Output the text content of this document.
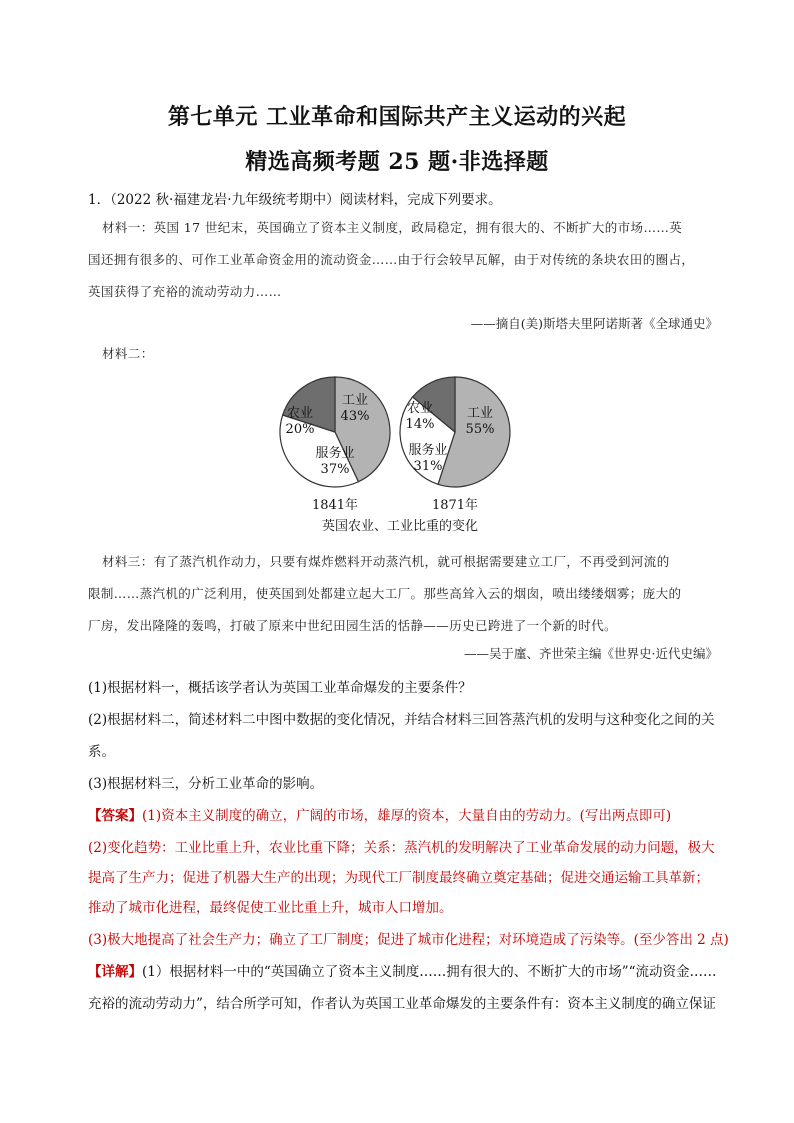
第七单元 工业革命和国际共产主义运动的兴起
精选高频考题 25 题·非选择题
1．（2022 秋·福建龙岩·九年级统考期中）阅读材料，完成下列要求。
材料一：英国 17 世纪末，英国确立了资本主义制度，政局稳定，拥有很大的、不断扩大的市场……英
国还拥有很多的、可作工业革命资金用的流动资金……由于行会较早瓦解，由于对传统的条块农田的圈占，
英国获得了充裕的流动劳动力……
——摘自(美)斯塔夫里阿诺斯著《全球通史》
材料二：
工业
43%
服务业
37%
农业
20%
1841年
工业
55%
服务业
31%
农业
14%
1871年
英国农业、工业比重的变化
材料三：有了蒸汽机作动力，只要有煤炸燃料开动蒸汽机，就可根据需要建立工厂，不再受到河流的
限制……蒸汽机的广泛利用，使英国到处都建立起大工厂。那些高耸入云的烟囱，喷出缕缕烟雾；庞大的
厂房，发出隆隆的轰鸣，打破了原来中世纪田园生活的恬静——历史已跨进了一个新的时代。
——吴于廑、齐世荣主编《世界史·近代史编》
(1)根据材料一，概括该学者认为英国工业革命爆发的主要条件？
(2)根据材料二，简述材料二中图中数据的变化情况，并结合材料三回答蒸汽机的发明与这种变化之间的关
系。
(3)根据材料三，分析工业革命的影响。
【答案】(1)资本主义制度的确立，广阔的市场，雄厚的资本，大量自由的劳动力。(写出两点即可)
(2)变化趋势：工业比重上升，农业比重下降；关系：蒸汽机的发明解决了工业革命发展的动力问题，极大
提高了生产力；促进了机器大生产的出现；为现代工厂制度最终确立奠定基础；促进交通运输工具革新；
推动了城市化进程，最终促使工业比重上升，城市人口增加。
(3)极大地提高了社会生产力；确立了工厂制度；促进了城市化进程；对环境造成了污染等。(至少答出 2 点)
【详解】(1）根据材料一中的“英国确立了资本主义制度……拥有很大的、不断扩大的市场”“流动资金……
充裕的流动劳动力”，结合所学可知，作者认为英国工业革命爆发的主要条件有：资本主义制度的确立保证
